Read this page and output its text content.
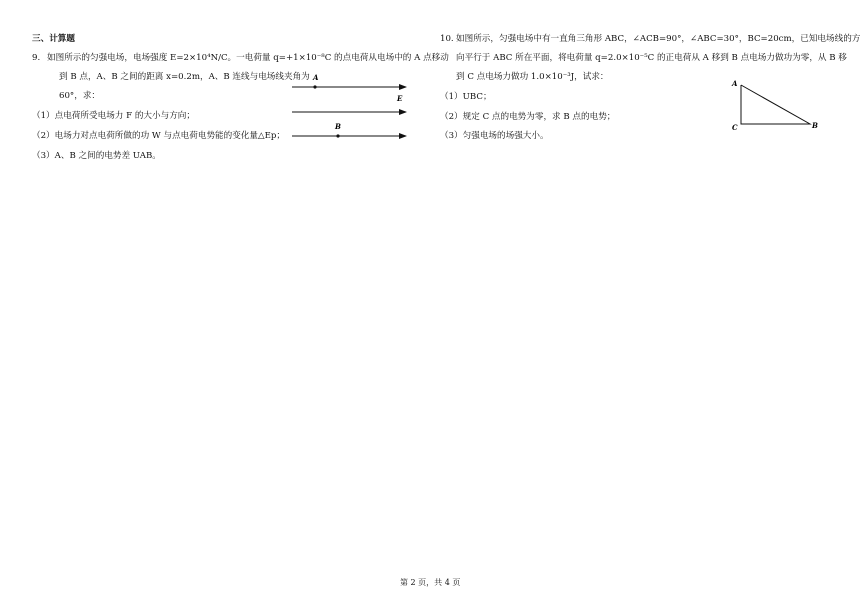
三、计算题
9. 如图所示的匀强电场，电场强度 E=2×10⁴N/C。一电荷量 q=+1×10⁻⁸C 的点电荷从电场中的 A 点移动
到 B 点，A、B 之间的距离 x=0.2m，A、B 连线与电场线夹角为
60°，求：
（1）点电荷所受电场力 F 的大小与方向；
（2）电场力对点电荷所做的功 W 与点电荷电势能的变化量△Ep；
（3）A、B 之间的电势差 UAB。
A
E
B
10. 如图所示，匀强电场中有一直角三角形 ABC，∠ACB=90°，∠ABC=30°，BC=20cm，已知电场线的方
向平行于 ABC 所在平面，将电荷量 q=2.0×10⁻⁵C 的正电荷从 A 移到 B 点电场力做功为零，从 B 移
到 C 点电场力做功 1.0×10⁻³J，试求：
（1）UBC；
（2）规定 C 点的电势为零，求 B 点的电势；
（3）匀强电场的场强大小。
A
C	B
第 2 页，共 4 页
